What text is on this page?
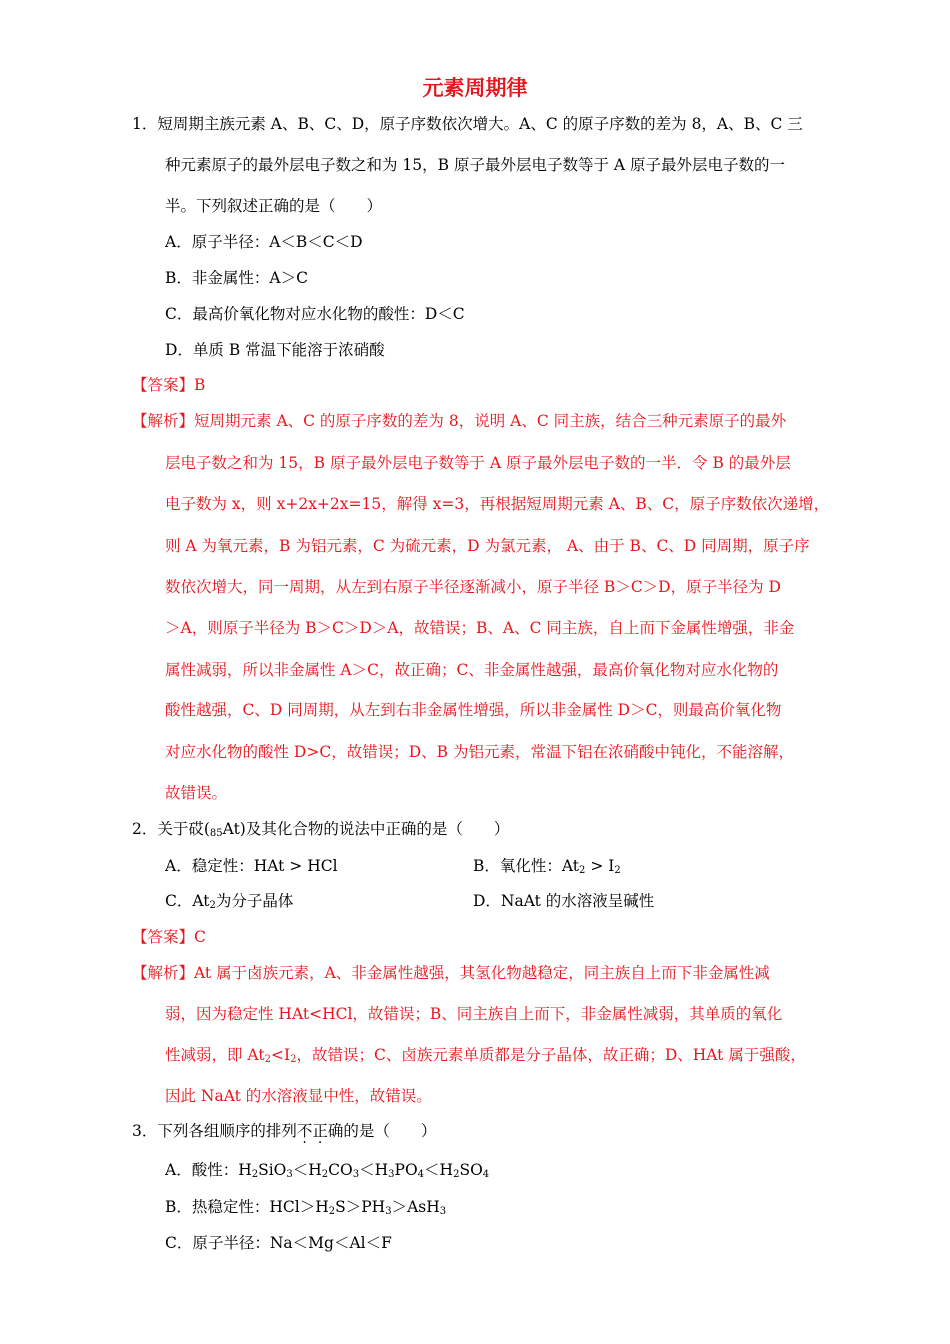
元素周期律
1．短周期主族元素 A、B、C、D，原子序数依次增大。A、C 的原子序数的差为 8，A、B、C 三
种元素原子的最外层电子数之和为 15，B 原子最外层电子数等于 A 原子最外层电子数的一
半。下列叙述正确的是（　　）
A．原子半径：A＜B＜C＜D
B．非金属性：A＞C
C．最高价氧化物对应水化物的酸性：D＜C
D．单质 B 常温下能溶于浓硝酸
【答案】B
【解析】短周期元素 A、C 的原子序数的差为 8，说明 A、C 同主族，结合三种元素原子的最外
层电子数之和为 15，B 原子最外层电子数等于 A 原子最外层电子数的一半．令 B 的最外层
电子数为 x，则 x+2x+2x=15，解得 x=3，再根据短周期元素 A、B、C，原子序数依次递增，
则 A 为氧元素，B 为铝元素，C 为硫元素，D 为氯元素， A、由于 B、C、D 同周期，原子序
数依次增大，同一周期，从左到右原子半径逐渐减小，原子半径 B＞C＞D，原子半径为 D
＞A，则原子半径为 B＞C＞D＞A，故错误；B、A、C 同主族，自上而下金属性增强，非金
属性减弱，所以非金属性 A＞C，故正确；C、非金属性越强，最高价氧化物对应水化物的
酸性越强，C、D 同周期，从左到右非金属性增强，所以非金属性 D＞C，则最高价氧化物
对应水化物的酸性 D>C，故错误；D、B 为铝元素，常温下铝在浓硝酸中钝化，不能溶解，
故错误。
2．关于砹(85At)及其化合物的说法中正确的是（　　）
A．稳定性：HAt > HCl	B．氧化性：$At_2 > I_2$
C．$At_2$为分子晶体	D．NaAt 的水溶液呈碱性
【答案】C
【解析】At 属于卤族元素，A、非金属性越强，其氢化物越稳定，同主族自上而下非金属性减
弱，因为稳定性 HAt<HCl，故错误；B、同主族自上而下，非金属性减弱，其单质的氧化
性减弱，即 $At_2<I_2$，故错误；C、卤族元素单质都是分子晶体，故正确；D、HAt 属于强酸，
因此 NaAt 的水溶液显中性，故错误。
3．下列各组顺序的排列不正确的是（　　）
A．酸性：$H_2SiO_3<H_2CO_3<H_3PO_4<H_2SO_4$
B．热稳定性：$HCl>H_2S>PH_3>AsH_3$
C．原子半径：Na＜Mg＜Al＜F
